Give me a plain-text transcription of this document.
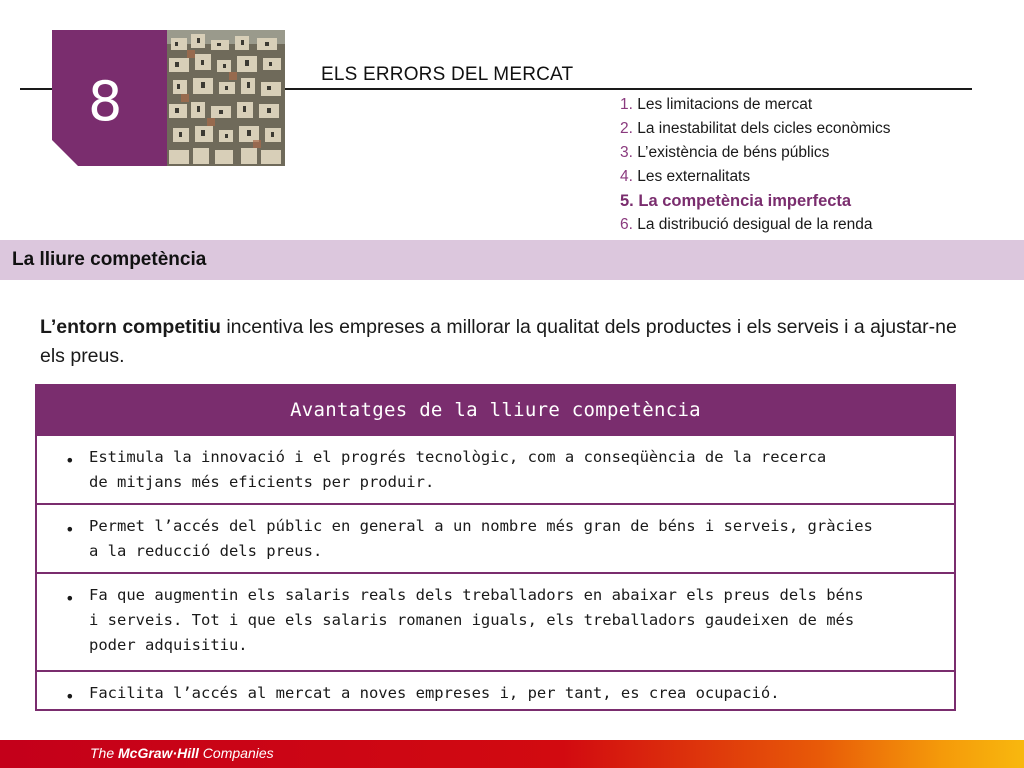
8	ELS ERRORS DEL MERCAT
1. Les limitacions de mercat
2. La inestabilitat dels cicles econòmics
3. L’existència de béns públics
4. Les externalitats
5. La competència imperfecta
6. La distribució desigual de la renda
La lliure competència

L’entorn competitiu incentiva les empreses a millorar la qualitat dels productes i els serveis i a ajustar-ne els preus.

Avantatges de la lliure competència
• Estimula la innovació i el progrés tecnològic, com a conseqüència de la recerca
de mitjans més eficients per produir.
• Permet l’accés del públic en general a un nombre més gran de béns i serveis, gràcies
a la reducció dels preus.
• Fa que augmentin els salaris reals dels treballadors en abaixar els preus dels béns
i serveis. Tot i que els salaris romanen iguals, els treballadors gaudeixen de més
poder adquisitiu.
• Facilita l’accés al mercat a noves empreses i, per tant, es crea ocupació.
The McGraw·Hill Companies
